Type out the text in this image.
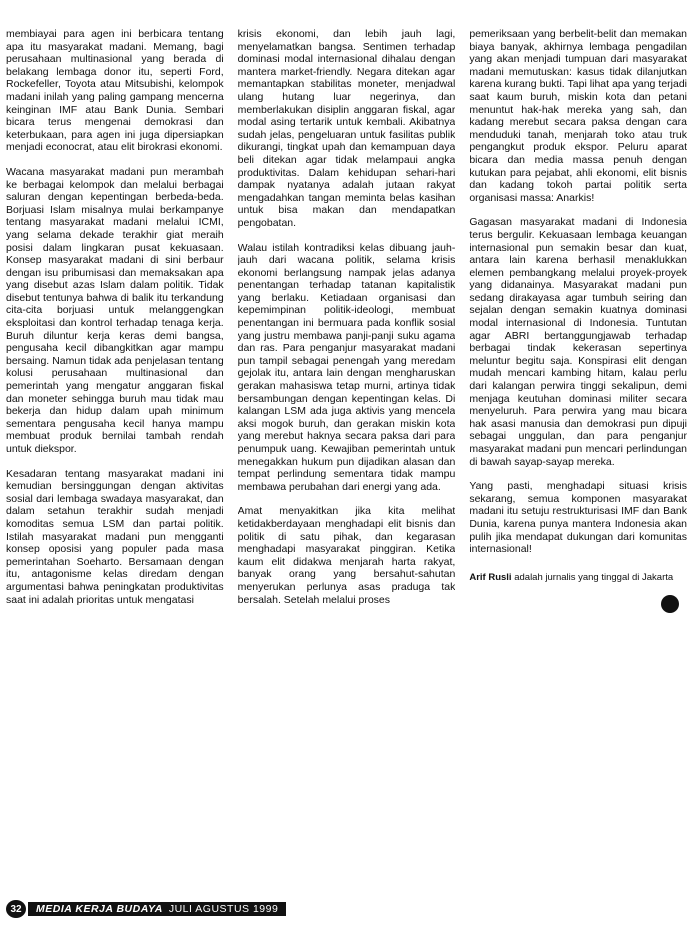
membiayai para agen ini berbicara tentang apa itu masyarakat madani. Memang, bagi perusahaan multinasional yang berada di belakang lembaga donor itu, seperti Ford, Rockefeller, Toyota atau Mitsubishi, kelompok madani inilah yang paling gampang mencerna keinginan IMF atau Bank Dunia. Sembari bicara terus mengenai demokrasi dan keterbukaan, para agen ini juga dipersiapkan menjadi econocrat, atau elit birokrasi ekonomi.

Wacana masyarakat madani pun merambah ke berbagai kelompok dan melalui berbagai saluran dengan kepentingan berbeda-beda. Borjuasi Islam misalnya mulai berkampanye tentang masyarakat madani melalui ICMI, yang selama dekade terakhir giat meraih posisi dalam lingkaran pusat kekuasaan. Konsep masyarakat madani di sini berbaur dengan isu pribumisasi dan memaksakan apa yang disebut azas Islam dalam politik. Tidak disebut tentunya bahwa di balik itu terkandung cita-cita borjuasi untuk melanggengkan eksploitasi dan kontrol terhadap tenaga kerja. Buruh diluntur kerja keras demi bangsa, pengusaha kecil dibangkitkan agar mampu bersaing. Namun tidak ada penjelasan tentang kolusi perusahaan multinasional dan pemerintah yang mengatur anggaran fiskal dan moneter sehingga buruh mau tidak mau bekerja dan hidup dalam upah minimum sementara pengusaha kecil hanya mampu membuat produk bernilai tambah rendah untuk diekspor.

Kesadaran tentang masyarakat madani ini kemudian bersinggungan dengan aktivitas sosial dari lembaga swadaya masyarakat, dan dalam setahun terakhir sudah menjadi komoditas semua LSM dan partai politik. Istilah masyarakat madani pun mengganti konsep oposisi yang populer pada masa pemerintahan Soeharto. Bersamaan dengan itu, antagonisme kelas diredam dengan argumentasi bahwa peningkatan produktivitas saat ini adalah prioritas untuk mengatasi

krisis ekonomi, dan lebih jauh lagi, menyelamatkan bangsa. Sentimen terhadap dominasi modal internasional dihalau dengan mantera market-friendly. Negara ditekan agar memantapkan stabilitas moneter, menjadwal ulang hutang luar negerinya, dan memberlakukan disiplin anggaran fiskal, agar modal asing tertarik untuk kembali. Akibatnya sudah jelas, pengeluaran untuk fasilitas publik dikurangi, tingkat upah dan kemampuan daya beli ditekan agar tidak melampaui angka produktivitas. Dalam kehidupan sehari-hari dampak nyatanya adalah jutaan rakyat mengadahkan tangan meminta belas kasihan untuk bisa makan dan mendapatkan pengobatan.

Walau istilah kontradiksi kelas dibuang jauh-jauh dari wacana politik, selama krisis ekonomi berlangsung nampak jelas adanya penentangan terhadap tatanan kapitalistik yang berlaku. Ketiadaan organisasi dan kepemimpinan politik-ideologi, membuat penentangan ini bermuara pada konflik sosial yang justru membawa panji-panji suku agama dan ras. Para penganjur masyarakat madani pun tampil sebagai penengah yang meredam gejolak itu, antara lain dengan mengharuskan gerakan mahasiswa tetap murni, artinya tidak bersambungan dengan kepentingan kelas. Di kalangan LSM ada juga aktivis yang mencela aksi mogok buruh, dan gerakan miskin kota yang merebut haknya secara paksa dari para penumpuk uang. Kewajiban pemerintah untuk menegakkan hukum pun dijadikan alasan dan tempat perlindung sementara tidak mampu membawa perubahan dari energi yang ada.

Amat menyakitkan jika kita melihat ketidakberdayaan menghadapi elit bisnis dan politik di satu pihak, dan kegarasan menghadapi masyarakat pinggiran. Ketika kaum elit didakwa menjarah harta rakyat, banyak orang yang bersahut-sahutan menyerukan perlunya asas praduga tak bersalah. Setelah melalui proses

pemeriksaan yang berbelit-belit dan memakan biaya banyak, akhirnya lembaga pengadilan yang akan menjadi tumpuan dari masyarakat madani memutuskan: kasus tidak dilanjutkan karena kurang bukti. Tapi lihat apa yang terjadi saat kaum buruh, miskin kota dan petani menuntut hak-hak mereka yang sah, dan kadang merebut secara paksa dengan cara menduduki tanah, menjarah toko atau truk pengangkut produk ekspor. Peluru aparat bicara dan media massa penuh dengan kutukan para pejabat, ahli ekonomi, elit bisnis dan kadang tokoh partai politik serta organisasi massa: Anarkis!

Gagasan masyarakat madani di Indonesia terus bergulir. Kekuasaan lembaga keuangan internasional pun semakin besar dan kuat, antara lain karena berhasil menaklukkan elemen pembangkang melalui proyek-proyek yang didanainya. Masyarakat madani pun sedang dirakayasa agar tumbuh seiring dan sejalan dengan semakin kuatnya dominasi modal internasional di Indonesia. Tuntutan agar ABRI bertanggungjawab terhadap berbagai tindak kekerasan sepertinya meluntur begitu saja. Konspirasi elit dengan mudah mencari kambing hitam, kalau perlu dari kalangan perwira tinggi sekalipun, demi menjaga keutuhan dominasi militer secara menyeluruh. Para perwira yang mau bicara hak asasi manusia dan demokrasi pun dipuji sebagai unggulan, dan para penganjur masyarakat madani pun mencari perlindungan di bawah sayap-sayap mereka.

Yang pasti, menghadapi situasi krisis sekarang, semua komponen masyarakat madani itu setuju restrukturisasi IMF dan Bank Dunia, karena punya mantera Indonesia akan pulih jika mendapat dukungan dari komunitas internasional!

Arif Rusli adalah jurnalis yang tinggal di Jakarta

32	MEDIA KERJA BUDAYA JULI AGUSTUS 1999
